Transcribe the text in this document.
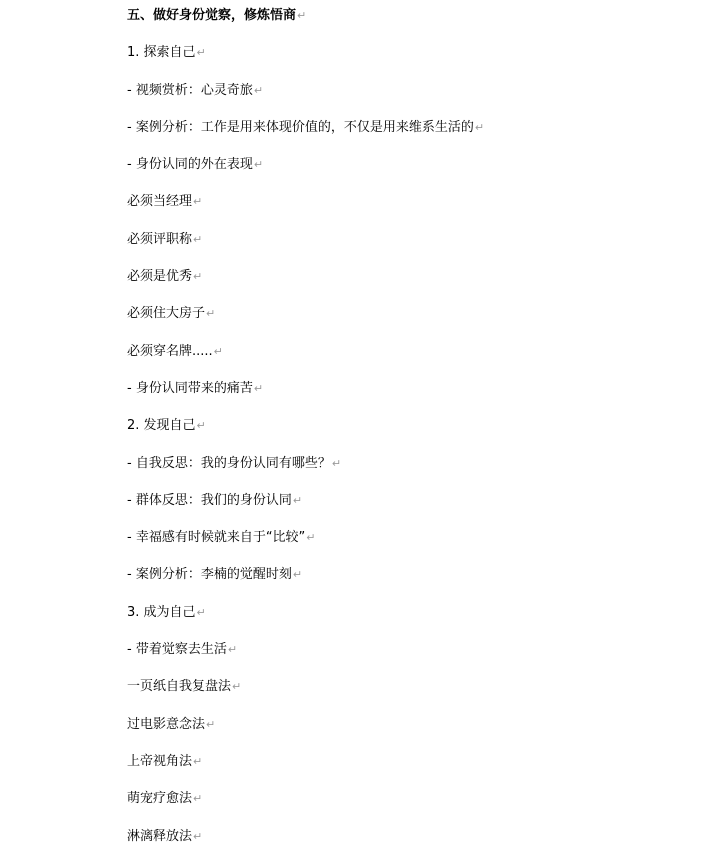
五、做好身份觉察，修炼悟商↵
1. 探索自己↵
- 视频赏析：心灵奇旅↵
- 案例分析：工作是用来体现价值的，不仅是用来维系生活的↵
- 身份认同的外在表现↵
必须当经理↵
必须评职称↵
必须是优秀↵
必须住大房子↵
必须穿名牌.....↵
- 身份认同带来的痛苦↵
2. 发现自己↵
- 自我反思：我的身份认同有哪些？↵
- 群体反思：我们的身份认同↵
- 幸福感有时候就来自于“比较”↵
- 案例分析：李楠的觉醒时刻↵
3. 成为自己↵
- 带着觉察去生活↵
一页纸自我复盘法↵
过电影意念法↵
上帝视角法↵
萌宠疗愈法↵
淋漓释放法↵
